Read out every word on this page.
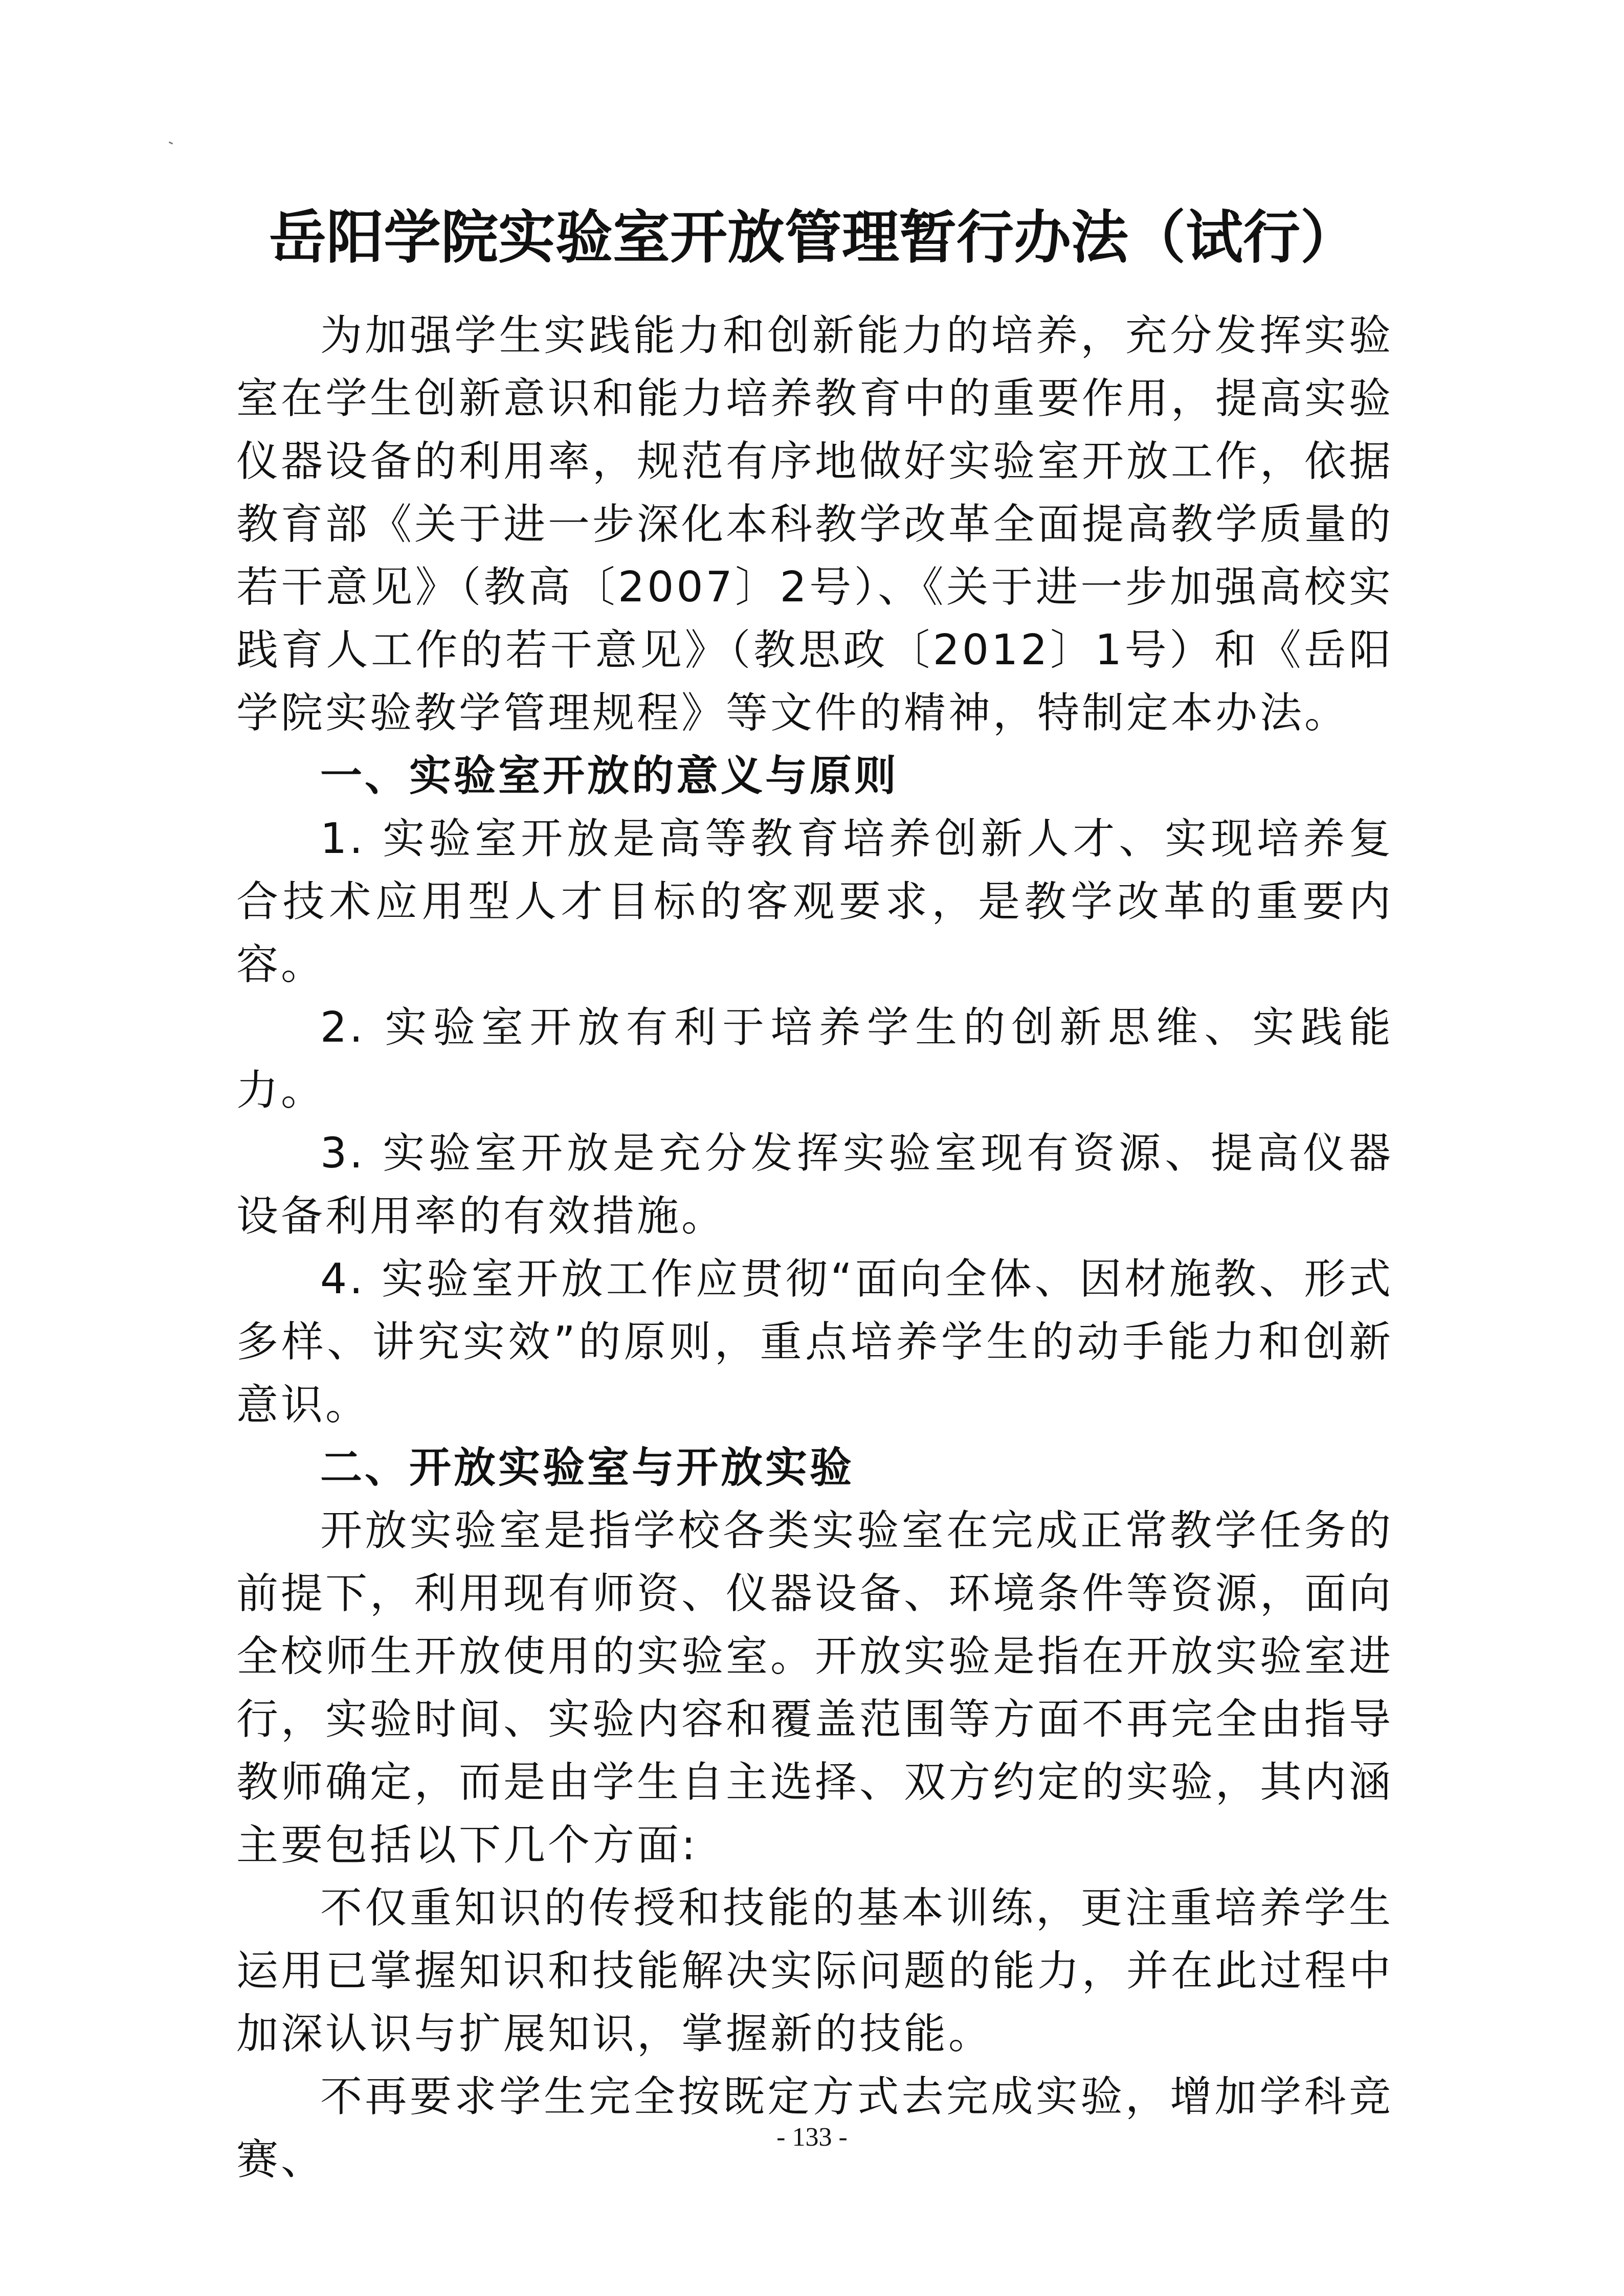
岳阳学院实验室开放管理暂行办法（试行）

为加强学生实践能力和创新能力的培养，充分发挥实验室在学生创新意识和能力培养教育中的重要作用，提高实验仪器设备的利用率，规范有序地做好实验室开放工作，依据教育部《关于进一步深化本科教学改革全面提高教学质量的若干意见》（教高〔2007〕2号）、《关于进一步加强高校实践育人工作的若干意见》（教思政〔2012〕1号）和《岳阳学院实验教学管理规程》等文件的精神，特制定本办法。

一、实验室开放的意义与原则

1. 实验室开放是高等教育培养创新人才、实现培养复合技术应用型人才目标的客观要求，是教学改革的重要内容。

2. 实验室开放有利于培养学生的创新思维、实践能力。

3. 实验室开放是充分发挥实验室现有资源、提高仪器设备利用率的有效措施。

4. 实验室开放工作应贯彻“面向全体、因材施教、形式多样、讲究实效”的原则，重点培养学生的动手能力和创新意识。

二、开放实验室与开放实验

开放实验室是指学校各类实验室在完成正常教学任务的前提下，利用现有师资、仪器设备、环境条件等资源，面向全校师生开放使用的实验室。开放实验是指在开放实验室进行，实验时间、实验内容和覆盖范围等方面不再完全由指导教师确定，而是由学生自主选择、双方约定的实验，其内涵主要包括以下几个方面:

不仅重知识的传授和技能的基本训练，更注重培养学生运用已掌握知识和技能解决实际问题的能力，并在此过程中加深认识与扩展知识，掌握新的技能。

不再要求学生完全按既定方式去完成实验，增加学科竞赛、	- 133 -
